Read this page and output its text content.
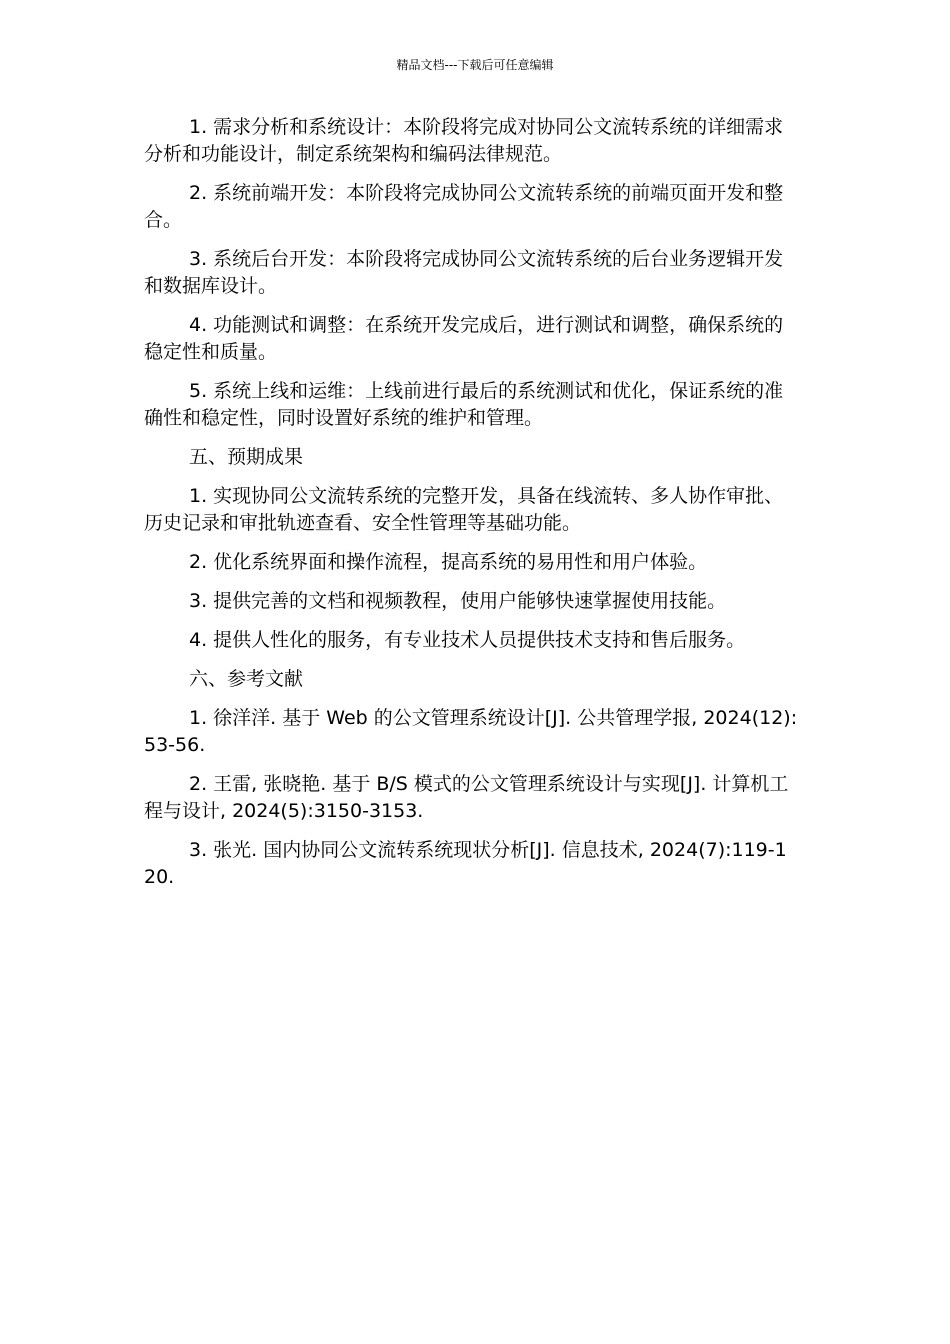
精品文档---下载后可任意编辑

1. 需求分析和系统设计：本阶段将完成对协同公文流转系统的详细需求分析和功能设计，制定系统架构和编码法律规范。

2. 系统前端开发：本阶段将完成协同公文流转系统的前端页面开发和整合。

3. 系统后台开发：本阶段将完成协同公文流转系统的后台业务逻辑开发和数据库设计。

4. 功能测试和调整：在系统开发完成后，进行测试和调整，确保系统的稳定性和质量。

5. 系统上线和运维：上线前进行最后的系统测试和优化，保证系统的准确性和稳定性，同时设置好系统的维护和管理。

五、预期成果

1. 实现协同公文流转系统的完整开发，具备在线流转、多人协作审批、历史记录和审批轨迹查看、安全性管理等基础功能。

2. 优化系统界面和操作流程，提高系统的易用性和用户体验。

3. 提供完善的文档和视频教程，使用户能够快速掌握使用技能。

4. 提供人性化的服务，有专业技术人员提供技术支持和售后服务。

六、参考文献

1. 徐洋洋. 基于 Web 的公文管理系统设计[J]. 公共管理学报, 2024(12):53-56.

2. 王雷, 张晓艳. 基于 B/S 模式的公文管理系统设计与实现[J]. 计算机工程与设计, 2024(5):3150-3153.

3. 张光. 国内协同公文流转系统现状分析[J]. 信息技术, 2024(7):119-120.
